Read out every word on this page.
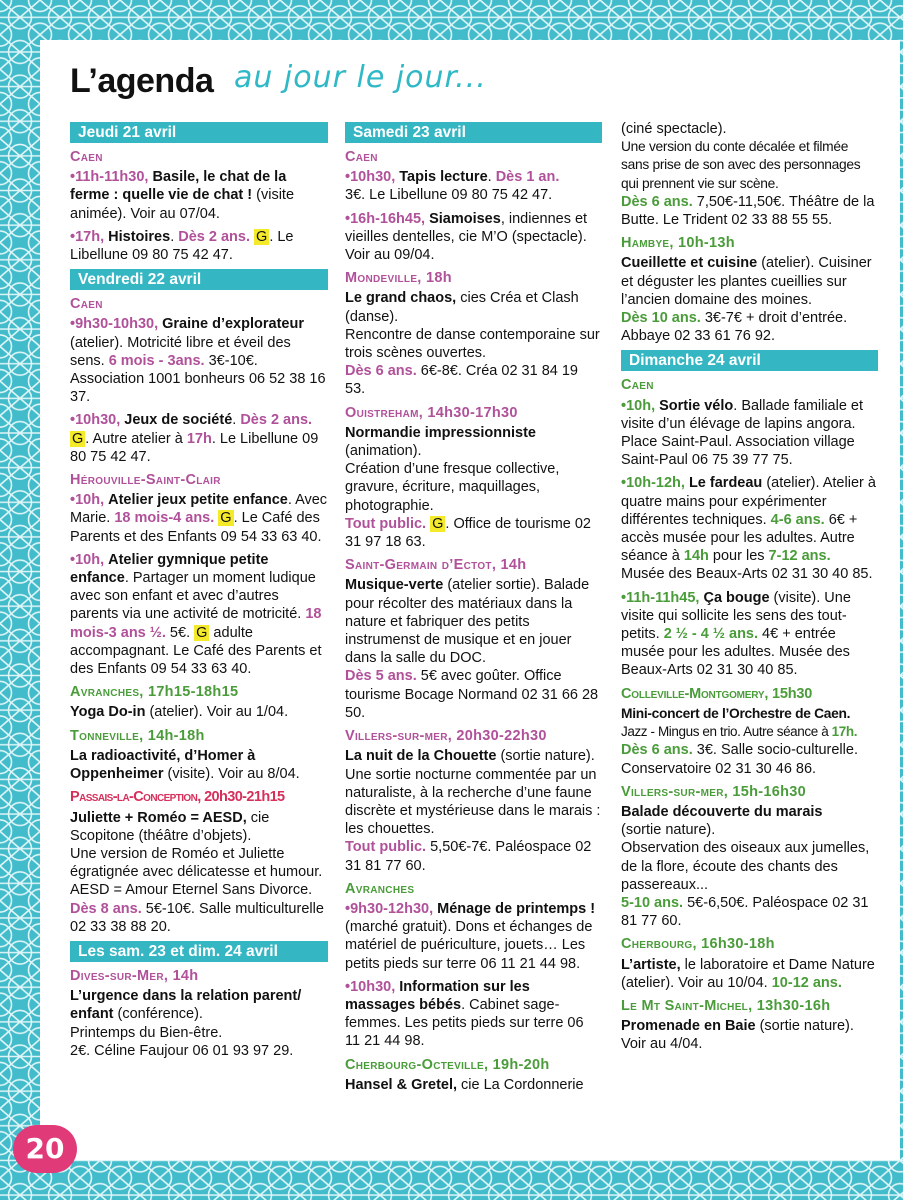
L’agenda au jour le jour...
Jeudi 21 avril
Caen
•11h-11h30, Basile, le chat de la ferme : quelle vie de chat ! (visite animée). Voir au 07/04.
•17h, Histoires. Dès 2 ans. G . Le Libellune 09 80 75 42 47.
Vendredi 22 avril
Caen
•9h30-10h30, Graine d’explorateur (atelier). Motricité libre et éveil des sens. 6 mois - 3ans. 3€-10€. Association 1001 bonheurs 06 52 38 16 37.
•10h30, Jeux de société. Dès 2 ans. G . Autre atelier à 17h. Le Libellune 09 80 75 42 47.
Hérouville-Saint-Clair
•10h, Atelier jeux petite enfance. Avec Marie. 18 mois-4 ans. G . Le Café des Parents et des Enfants 09 54 33 63 40.
•10h, Atelier gymnique petite enfance. Partager un moment ludique avec son enfant et avec d’autres parents via une activité de motricité. 18 mois-3 ans ½. 5€. G adulte accompagnant. Le Café des Parents et des Enfants 09 54 33 63 40.
Avranches, 17h15-18h15
Yoga Do-in (atelier). Voir au 1/04.
Tonneville, 14h-18h
La radioactivité, d’Homer à Oppenheimer (visite). Voir au 8/04.
Passais-la-Conception, 20h30-21h15
Juliette + Roméo = AESD, cie Scopitone (théâtre d’objets).
Une version de Roméo et Juliette égratignée avec délicatesse et humour. AESD = Amour Eternel Sans Divorce.
Dès 8 ans. 5€-10€. Salle multiculturelle 02 33 38 88 20.
Les sam. 23 et dim. 24 avril
Dives-sur-Mer, 14h
L’urgence dans la relation parent/ enfant (conférence).
Printemps du Bien-être.
2€. Céline Faujour 06 01 93 97 29.
Samedi 23 avril
Caen
•10h30, Tapis lecture. Dès 1 an.
3€. Le Libellune 09 80 75 42 47.
•16h-16h45, Siamoises, indiennes et vieilles dentelles, cie M’O (spectacle). Voir au 09/04.
Mondeville, 18h
Le grand chaos, cies Créa et Clash (danse).
Rencontre de danse contemporaine sur trois scènes ouvertes.
Dès 6 ans. 6€-8€. Créa 02 31 84 19 53.
Ouistreham, 14h30-17h30
Normandie impressionniste
(animation).
Création d’une fresque collective, gravure, écriture, maquillages, photographie.
Tout public. G . Office de tourisme 02 31 97 18 63.
Saint-Germain d’Ectot, 14h
Musique-verte (atelier sortie). Balade pour récolter des matériaux dans la nature et fabriquer des petits instrumenst de musique et en jouer dans la salle du DOC.
Dès 5 ans. 5€ avec goûter. Office tourisme Bocage Normand 02 31 66 28 50.
Villers-sur-mer, 20h30-22h30
La nuit de la Chouette (sortie nature). Une sortie nocturne commentée par un naturaliste, à la recherche d’une faune discrète et mystérieuse dans le marais : les chouettes.
Tout public. 5,50€-7€. Paléospace 02 31 81 77 60.
Avranches
•9h30-12h30, Ménage de printemps ! (marché gratuit). Dons et échanges de matériel de puériculture, jouets… Les petits pieds sur terre 06 11 21 44 98.
•10h30, Information sur les massages bébés. Cabinet sage-femmes. Les petits pieds sur terre 06 11 21 44 98.
Cherbourg-Octeville, 19h-20h
Hansel & Gretel, cie La Cordonnerie
(ciné spectacle).
Une version du conte décalée et filmée sans prise de son avec des personnages qui prennent vie sur scène.
Dès 6 ans. 7,50€-11,50€. Théâtre de la Butte. Le Trident 02 33 88 55 55.
Hambye, 10h-13h
Cueillette et cuisine (atelier). Cuisiner et déguster les plantes cueillies sur l’ancien domaine des moines.
Dès 10 ans. 3€-7€ + droit d’entrée. Abbaye 02 33 61 76 92.
Dimanche 24 avril
Caen
•10h, Sortie vélo. Ballade familiale et visite d’un élévage de lapins angora. Place Saint-Paul. Association village Saint-Paul 06 75 39 77 75.
•10h-12h, Le fardeau (atelier). Atelier à quatre mains pour expérimenter différentes techniques. 4-6 ans. 6€ + accès musée pour les adultes. Autre séance à 14h pour les 7-12 ans. Musée des Beaux-Arts 02 31 30 40 85.
•11h-11h45, Ça bouge (visite). Une visite qui sollicite les sens des tout-petits. 2 ½ - 4 ½ ans. 4€ + entrée musée pour les adultes. Musée des Beaux-Arts 02 31 30 40 85.
Colleville-Montgomery, 15h30
Mini-concert de l’Orchestre de Caen.
Jazz - Mingus en trio. Autre séance à 17h.
Dès 6 ans. 3€. Salle socio-culturelle. Conservatoire 02 31 30 46 86.
Villers-sur-mer, 15h-16h30
Balade découverte du marais
(sortie nature).
Observation des oiseaux aux jumelles, de la flore, écoute des chants des passereaux...
5-10 ans. 5€-6,50€. Paléospace 02 31 81 77 60.
Cherbourg, 16h30-18h
L’artiste, le laboratoire et Dame Nature (atelier). Voir au 10/04. 10-12 ans.
Le Mt Saint-Michel, 13h30-16h
Promenade en Baie (sortie nature). Voir au 4/04.
20
